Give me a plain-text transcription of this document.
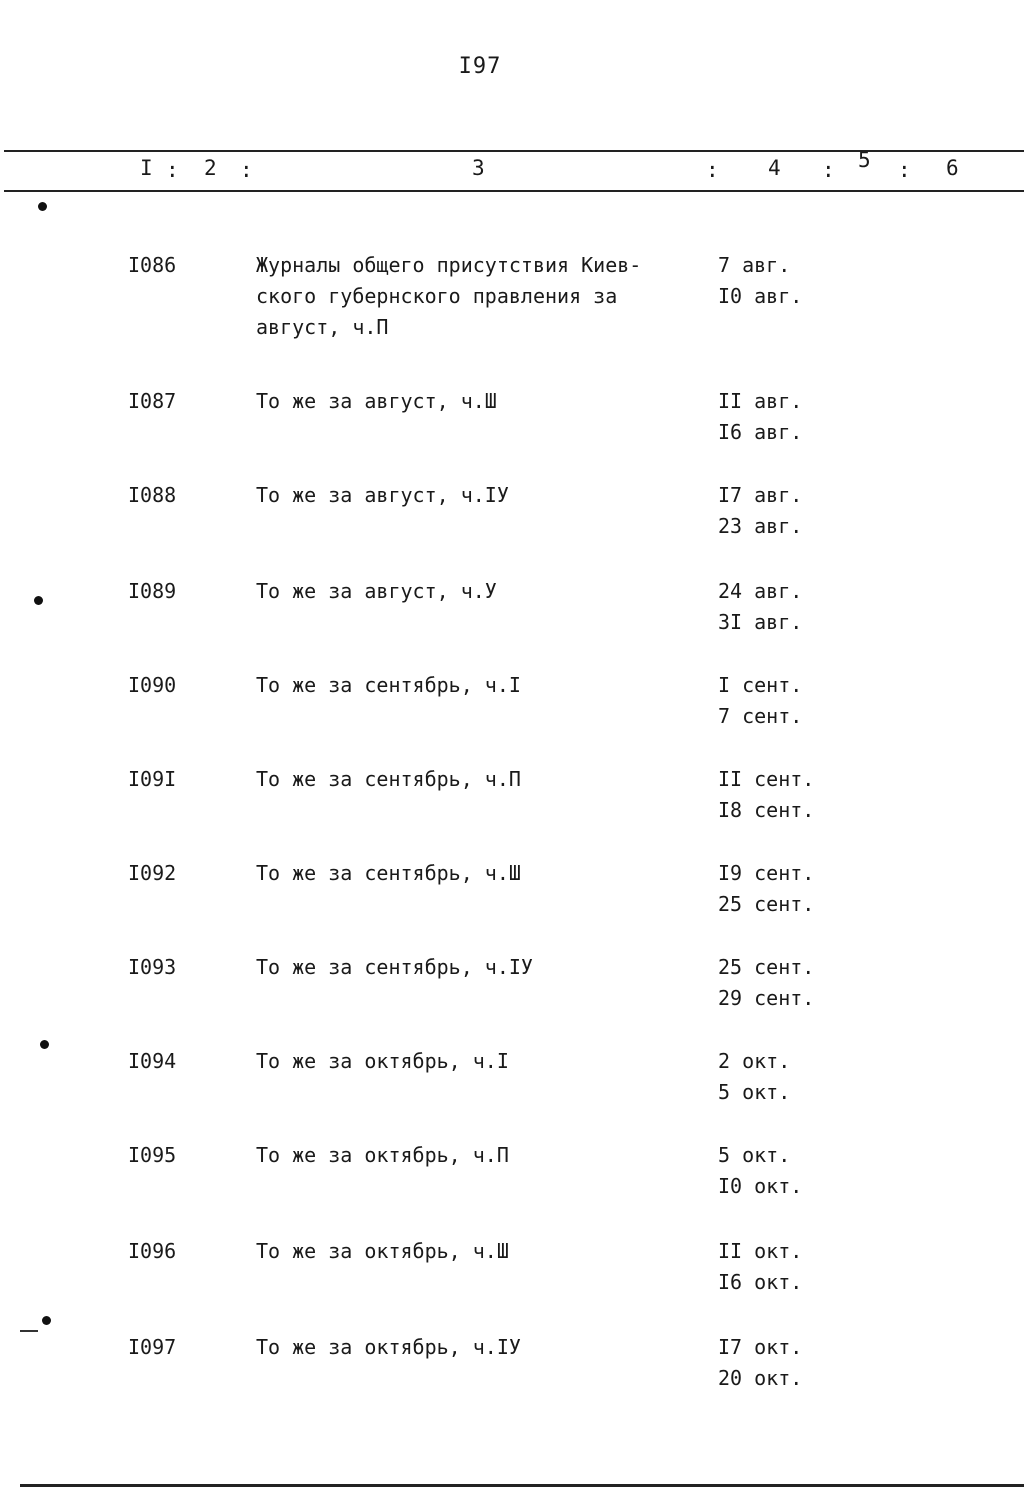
I97
I : 2 :	3	: 4 : 5 : 6
I086	Журналы общего присутствия Киев-
ского губернского правления за
август, ч.П
7 авг.
I0 авг.
I087	То же за август, ч.Ш	II авг.
I6 авг.
I088	То же за август, ч.IУ	I7 авг.
23 авг.
I089	То же за август, ч.У	24 авг.
3I авг.
I090	То же за сентябрь, ч.I	I сент.
7 сент.
I09I	То же за сентябрь, ч.П	II сент.
I8 сент.
I092	То же за сентябрь, ч.Ш	I9 сент.
25 сент.
I093	То же за сентябрь, ч.IУ	25 сент.
29 сент.
I094	То же за октябрь, ч.I	2 окт.
5 окт.
I095	То же за октябрь, ч.П	5 окт.
I0 окт.
I096	То же за октябрь, ч.Ш	II окт.
I6 окт.
I097	То же за октябрь, ч.IУ	I7 окт.
20 окт.
